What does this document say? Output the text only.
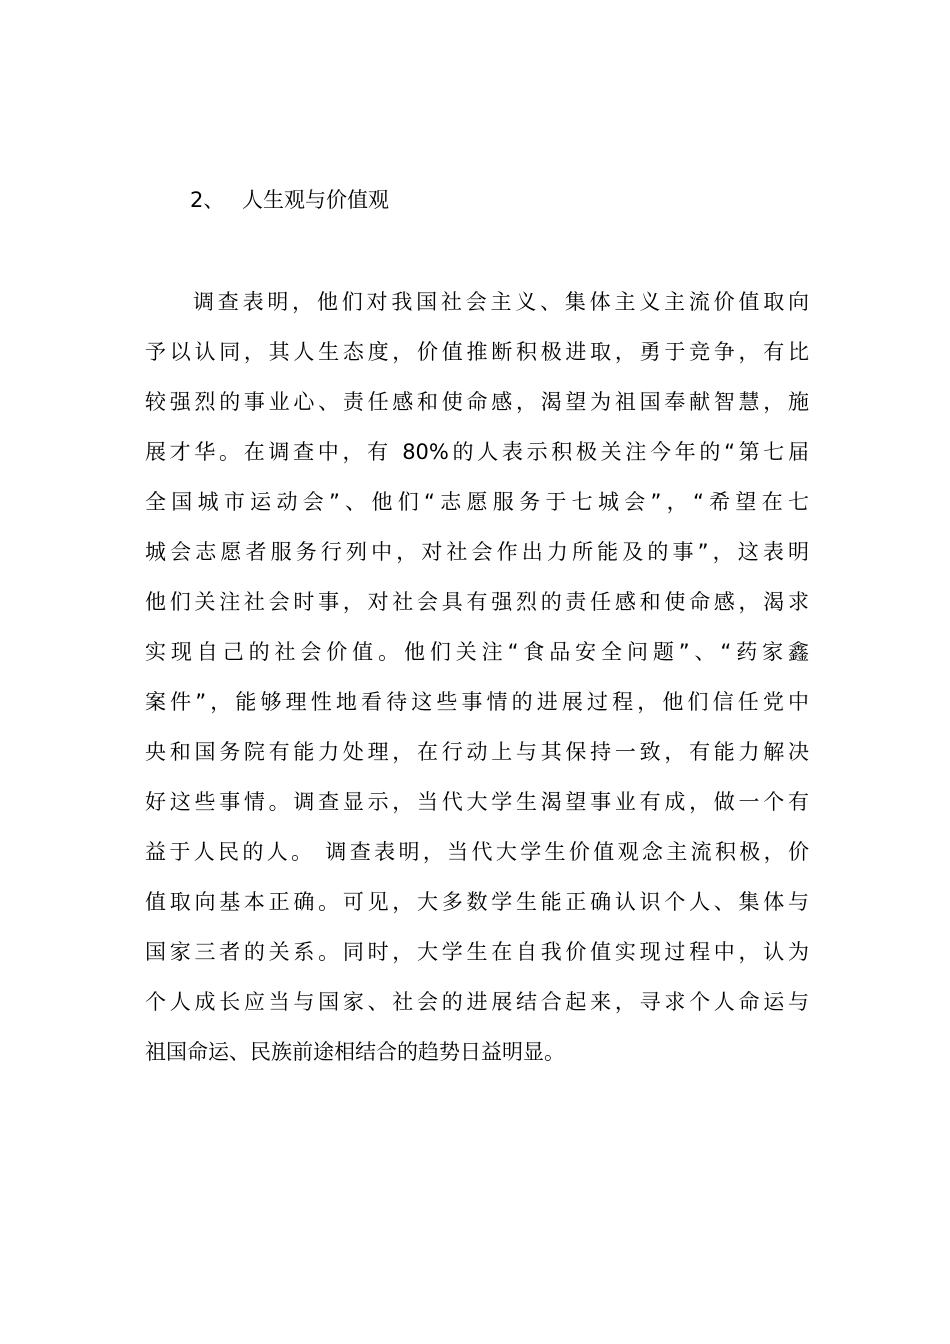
2、 人生观与价值观
调查表明，他们对我国社会主义、集体主义主流价值取向
予以认同，其人生态度，价值推断积极进取，勇于竞争，有比
较强烈的事业心、责任感和使命感，渴望为祖国奉献智慧，施
展才华。在调查中，有 80%的人表示积极关注今年的“第七届
全国城市运动会”、他们“志愿服务于七城会”，“希望在七
城会志愿者服务行列中，对社会作出力所能及的事”，这表明
他们关注社会时事，对社会具有强烈的责任感和使命感，渴求
实现自己的社会价值。他们关注“食品安全问题”、“药家鑫
案件”，能够理性地看待这些事情的进展过程，他们信任党中
央和国务院有能力处理，在行动上与其保持一致，有能力解决
好这些事情。调查显示，当代大学生渴望事业有成，做一个有
益于人民的人。 调查表明，当代大学生价值观念主流积极，价
值取向基本正确。可见，大多数学生能正确认识个人、集体与
国家三者的关系。同时，大学生在自我价值实现过程中，认为
个人成长应当与国家、社会的进展结合起来，寻求个人命运与
祖国命运、民族前途相结合的趋势日益明显。
